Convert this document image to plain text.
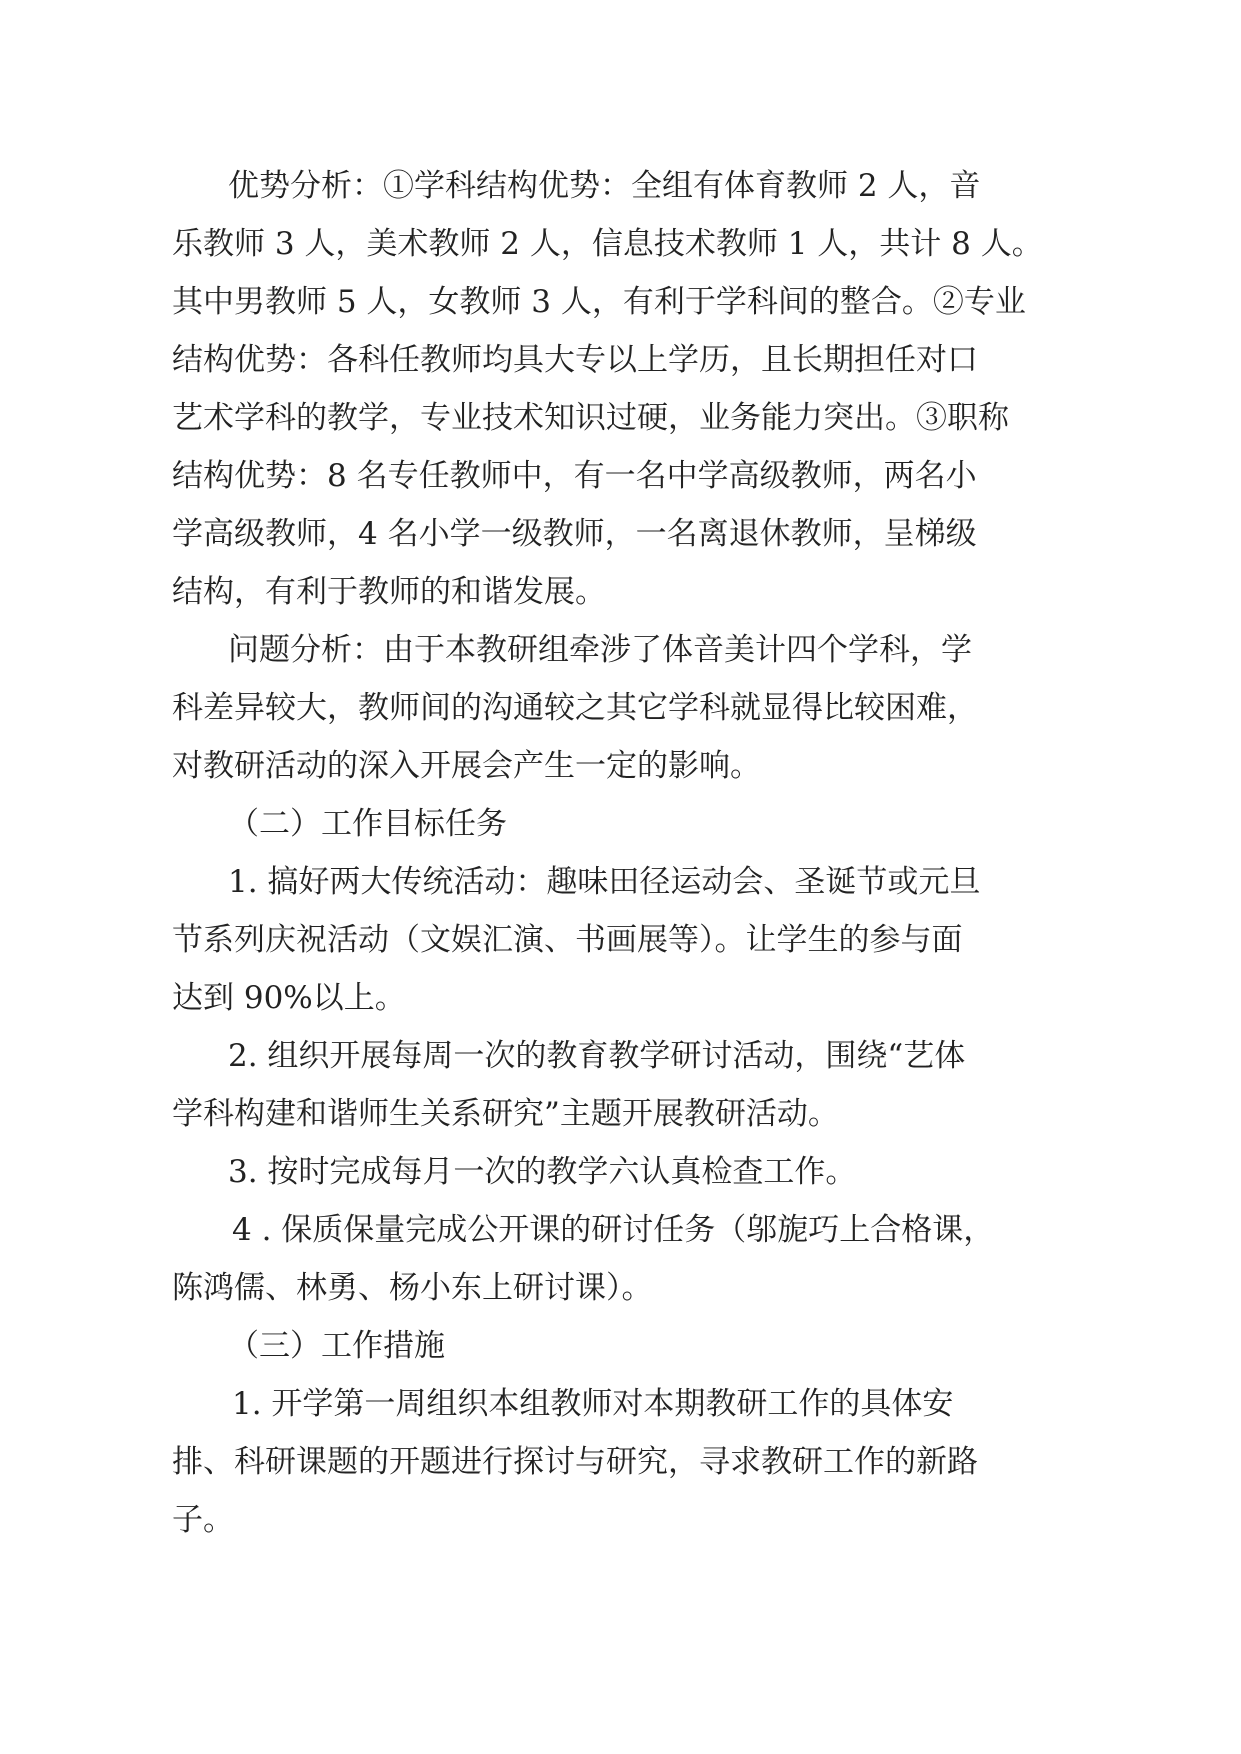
优势分析：①学科结构优势：全组有体育教师 2 人，音
乐教师 3 人，美术教师 2 人，信息技术教师 1 人，共计 8 人。
其中男教师 5 人，女教师 3 人，有利于学科间的整合。②专业
结构优势：各科任教师均具大专以上学历，且长期担任对口
艺术学科的教学，专业技术知识过硬，业务能力突出。③职称
结构优势：8 名专任教师中，有一名中学高级教师，两名小
学高级教师，4 名小学一级教师，一名离退休教师，呈梯级
结构，有利于教师的和谐发展。
问题分析：由于本教研组牵涉了体音美计四个学科，学
科差异较大，教师间的沟通较之其它学科就显得比较困难，
对教研活动的深入开展会产生一定的影响。
（二）工作目标任务
1. 搞好两大传统活动：趣味田径运动会、圣诞节或元旦
节系列庆祝活动（文娱汇演、书画展等）。让学生的参与面
达到 90%以上。
2. 组织开展每周一次的教育教学研讨活动，围绕“艺体
学科构建和谐师生关系研究”主题开展教研活动。
3. 按时完成每月一次的教学六认真检查工作。
4 . 保质保量完成公开课的研讨任务（邬旎巧上合格课，
陈鸿儒、林勇、杨小东上研讨课）。
（三）工作措施
1. 开学第一周组织本组教师对本期教研工作的具体安
排、科研课题的开题进行探讨与研究，寻求教研工作的新路
子。
